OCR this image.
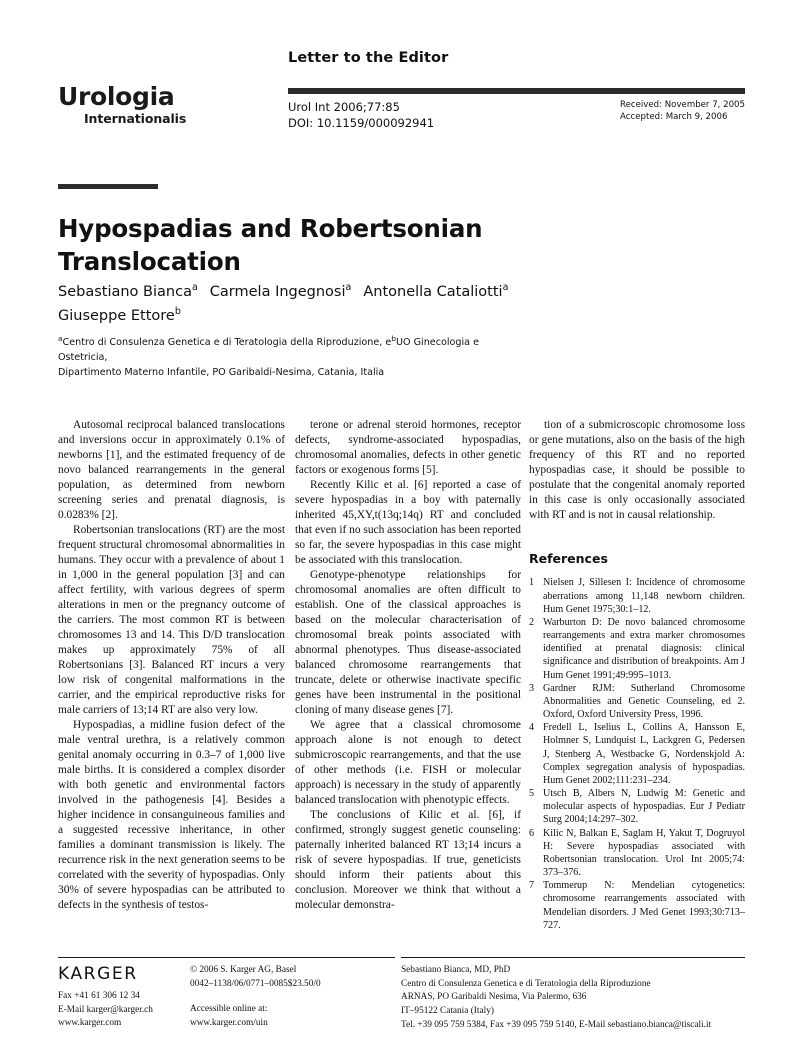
Urologia
Internationalis
Letter to the Editor
Urol Int 2006;77:85
DOI: 10.1159/000092941
Received: November 7, 2005
Accepted: March 9, 2006
Hypospadias and Robertsonian Translocation
Sebastiano Bianca$^a$ Carmela Ingegnosi$^a$ Antonella Cataliotti$^a$
Giuseppe Ettore$^b$
$^a$Centro di Consulenza Genetica e di Teratologia della Riproduzione, $e^bUO$ Ginecologia e Ostetricia,
Dipartimento Materno Infantile, PO Garibaldi-Nesima, Catania, Italia

Autosomal reciprocal balanced translocations and inversions occur in approximately 0.1% of newborns [1], and the estimated frequency of de novo balanced rearrangements in the general population, as determined from newborn screening series and prenatal diagnosis, is 0.0283% [2].

Robertsonian translocations (RT) are the most frequent structural chromosomal abnormalities in humans. They occur with a prevalence of about 1 in 1,000 in the general population [3] and can affect fertility, with various degrees of sperm alterations in men or the pregnancy outcome of the carriers. The most common RT is between chromosomes 13 and 14. This D/D translocation makes up approximately 75% of all Robertsonians [3]. Balanced RT incurs a very low risk of congenital malformations in the carrier, and the empirical reproductive risks for male carriers of 13;14 RT are also very low.

Hypospadias, a midline fusion defect of the male ventral urethra, is a relatively common genital anomaly occurring in 0.3–7 of 1,000 live male births. It is considered a complex disorder with both genetic and environmental factors involved in the pathogenesis [4]. Besides a higher incidence in consanguineous families and a suggested recessive inheritance, in other families a dominant transmission is likely. The recurrence risk in the next generation seems to be correlated with the severity of hypospadias. Only 30% of severe hypospadias can be attributed to defects in the synthesis of testos-

terone or adrenal steroid hormones, receptor defects, syndrome-associated hypospadias, chromosomal anomalies, defects in other genetic factors or exogenous forms [5].

Recently Kilic et al. [6] reported a case of severe hypospadias in a boy with paternally inherited 45,XY,t(13q;14q) RT and concluded that even if no such association has been reported so far, the severe hypospadias in this case might be associated with this translocation.

Genotype-phenotype relationships for chromosomal anomalies are often difficult to establish. One of the classical approaches is based on the molecular characterisation of chromosomal break points associated with abnormal phenotypes. Thus disease-associated balanced chromosome rearrangements that truncate, delete or otherwise inactivate specific genes have been instrumental in the positional cloning of many disease genes [7].

We agree that a classical chromosome approach alone is not enough to detect submicroscopic rearrangements, and that the use of other methods (i.e. FISH or molecular approach) is necessary in the study of apparently balanced translocation with phenotypic effects.

The conclusions of Kilic et al. [6], if confirmed, strongly suggest genetic counseling: paternally inherited balanced RT 13;14 incurs a risk of severe hypospadias. If true, geneticists should inform their patients about this conclusion. Moreover we think that without a molecular demonstra-

tion of a submicroscopic chromosome loss or gene mutations, also on the basis of the high frequency of this RT and no reported hypospadias case, it should be possible to postulate that the congenital anomaly reported in this case is only occasionally associated with RT and is not in causal relationship.

References
1 Nielsen J, Sillesen I: Incidence of chromosome aberrations among 11,148 newborn children. Hum Genet 1975;30:1–12.
2 Warburton D: De novo balanced chromosome rearrangements and extra marker chromosomes identified at prenatal diagnosis: clinical significance and distribution of breakpoints. Am J Hum Genet 1991;49:995–1013.
3 Gardner RJM: Sutherland Chromosome Abnormalities and Genetic Counseling, ed 2. Oxford, Oxford University Press, 1996.
4 Fredell L, Iselius L, Collins A, Hansson E, Holmner S, Lundquist L, Lackgren G, Pedersen J, Stenberg A, Westbacke G, Nordenskjold A: Complex segregation analysis of hypospadias. Hum Genet 2002;111:231–234.
5 Utsch B, Albers N, Ludwig M: Genetic and molecular aspects of hypospadias. Eur J Pediatr Surg 2004;14:297–302.
6 Kilic N, Balkan E, Saglam H, Yakut T, Dogruyol H: Severe hypospadias associated with Robertsonian translocation. Urol Int 2005;74: 373–376.
7 Tommerup N: Mendelian cytogenetics: chromosome rearrangements associated with Mendelian disorders. J Med Genet 1993;30:713–727.
KARGER
Fax +41 61 306 12 34
E-Mail karger@karger.ch
www.karger.com
© 2006 S. Karger AG, Basel
0042–1138/06/0771–0085$23.50/0
Accessible online at:
www.karger.com/uin
Sebastiano Bianca, MD, PhD
Centro di Consulenza Genetica e di Teratologia della Riproduzione
ARNAS, PO Garibaldi Nesima, Via Palermo, 636
IT–95122 Catania (Italy)
Tel. +39 095 759 5384, Fax +39 095 759 5140, E-Mail sebastiano.bianca@tiscali.it
